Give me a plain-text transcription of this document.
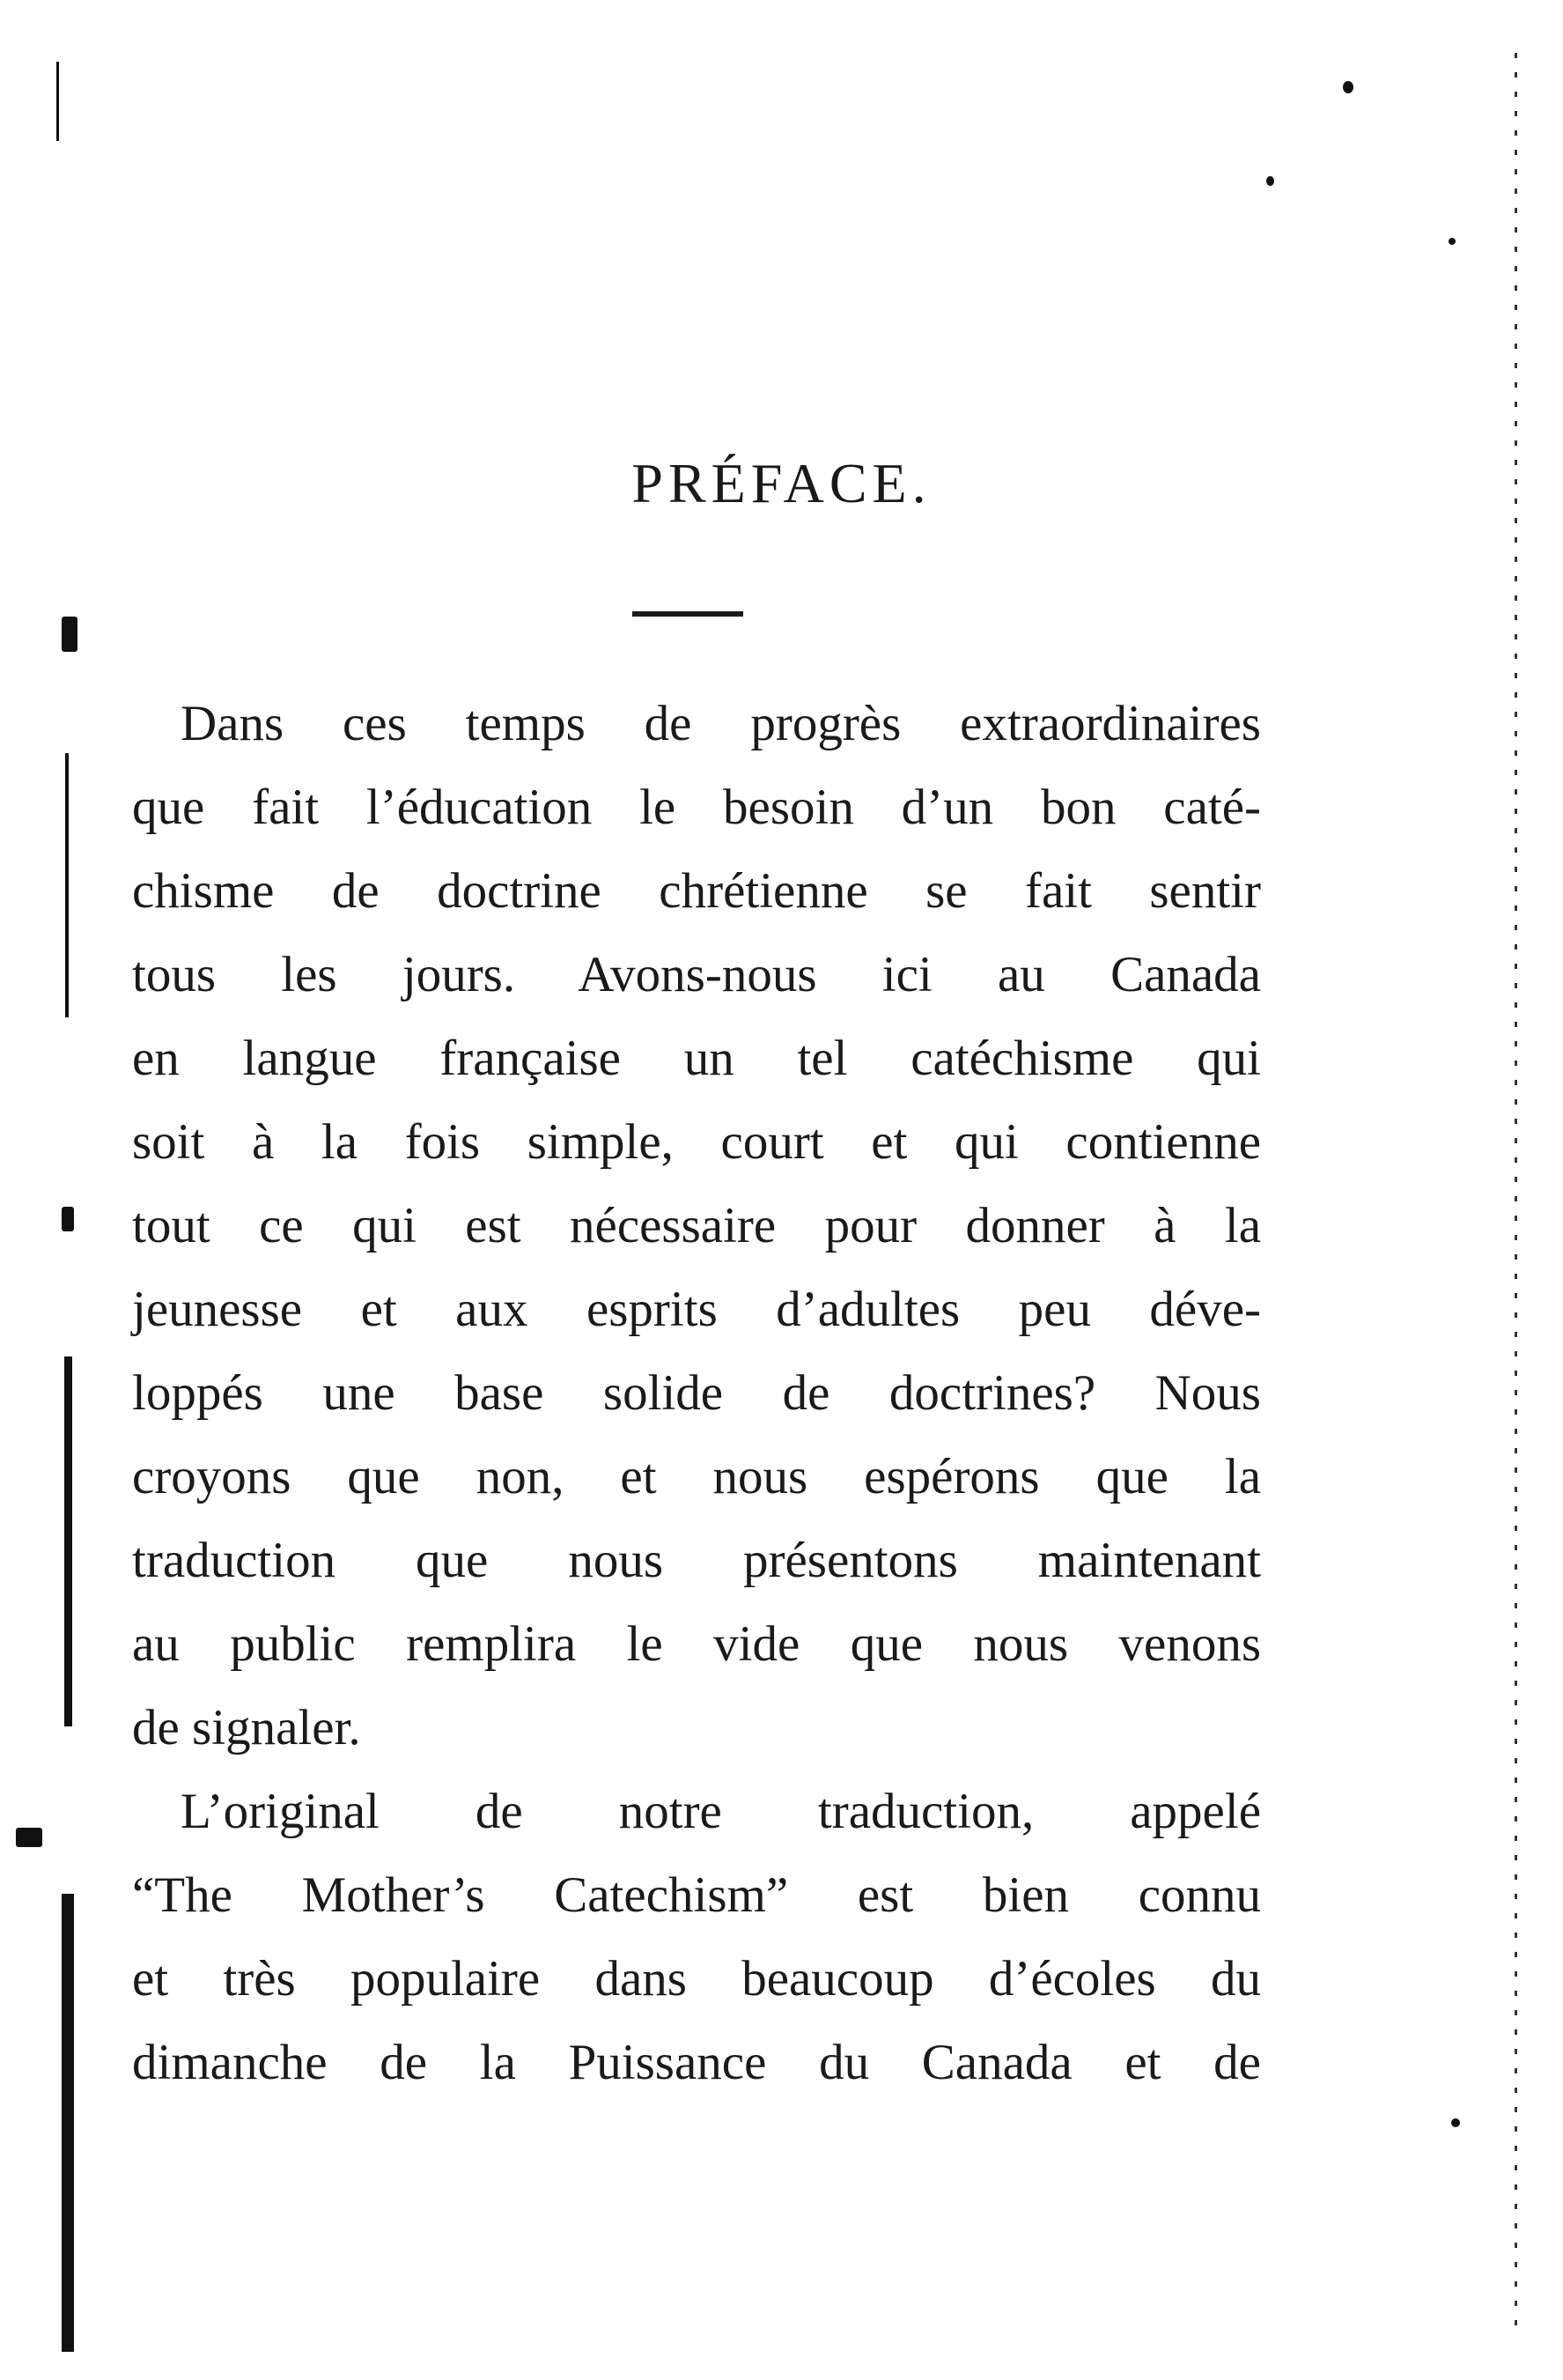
PRÉFACE.
Dans ces temps de progrès extraordinaires
que fait l’éducation le besoin d’un bon caté-
chisme de doctrine chrétienne se fait sentir
tous les jours. Avons-nous ici au Canada
en langue française un tel catéchisme qui
soit à la fois simple, court et qui contienne
tout ce qui est nécessaire pour donner à la
jeunesse et aux esprits d’adultes peu déve-
loppés une base solide de doctrines? Nous
croyons que non, et nous espérons que la
traduction que nous présentons maintenant
au public remplira le vide que nous venons
de signaler.
L’original de notre traduction, appelé
“The Mother’s Catechism” est bien connu
et très populaire dans beaucoup d’écoles du
dimanche de la Puissance du Canada et de
